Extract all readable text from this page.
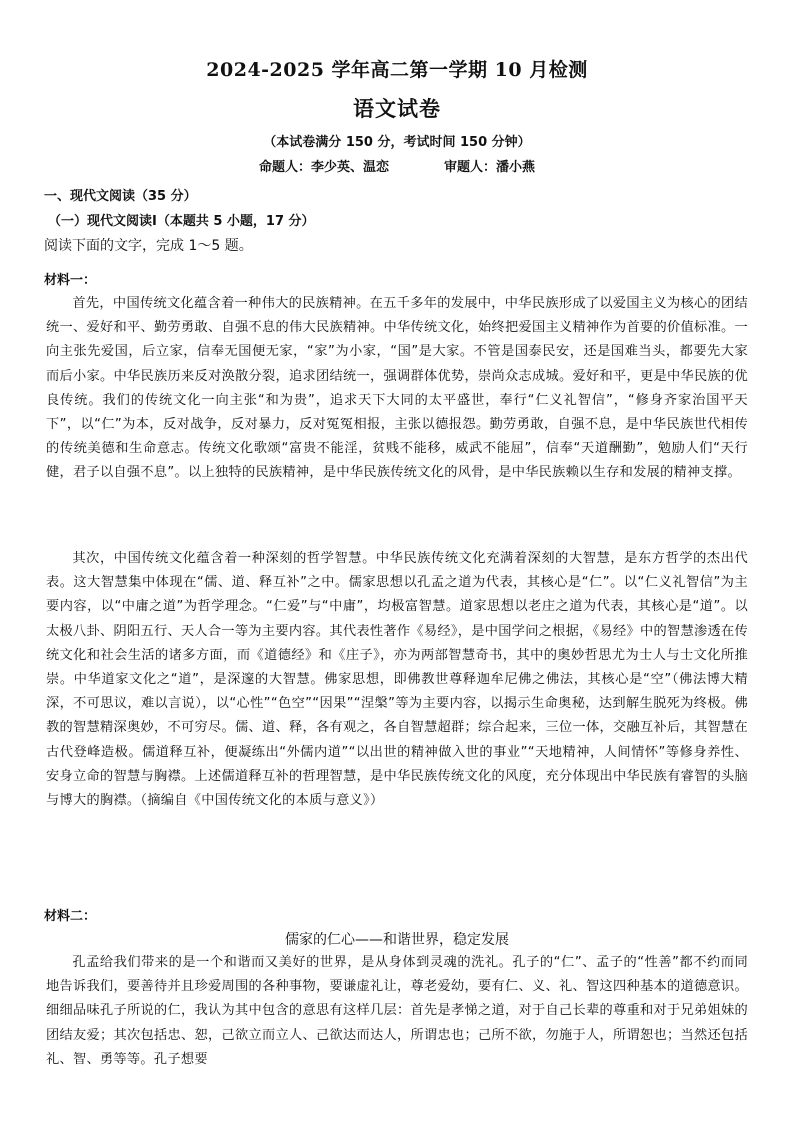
2024-2025 学年高二第一学期 10 月检测
语文试卷
（本试卷满分 150 分，考试时间 150 分钟）
命题人：李少英、温恋	审题人：潘小燕
一、现代文阅读（35 分）
（一）现代文阅读Ⅰ（本题共 5 小题，17 分）
阅读下面的文字，完成 1～5 题。
材料一：
首先，中国传统文化蕴含着一种伟大的民族精神。在五千多年的发展中，中华民族形成了以爱国主义为核心的团结统一、爱好和平、勤劳勇敢、自强不息的伟大民族精神。中华传统文化，始终把爱国主义精神作为首要的价值标准。一向主张先爱国，后立家，信奉无国便无家，“家”为小家，“国”是大家。不管是国泰民安，还是国难当头，都要先大家而后小家。中华民族历来反对涣散分裂，追求团结统一，强调群体优势，崇尚众志成城。爱好和平，更是中华民族的优良传统。我们的传统文化一向主张“和为贵”，追求天下大同的太平盛世，奉行“仁义礼智信”，“修身齐家治国平天下”，以“仁”为本，反对战争，反对暴力，反对冤冤相报，主张以德报怨。勤劳勇敢，自强不息，是中华民族世代相传的传统美德和生命意志。传统文化歌颂“富贵不能淫，贫贱不能移，威武不能屈”，信奉“天道酬勤”，勉励人们“天行健，君子以自强不息”。以上独特的民族精神，是中华民族传统文化的风骨，是中华民族赖以生存和发展的精神支撑。
其次，中国传统文化蕴含着一种深刻的哲学智慧。中华民族传统文化充满着深刻的大智慧，是东方哲学的杰出代表。这大智慧集中体现在“儒、道、释互补”之中。儒家思想以孔孟之道为代表，其核心是“仁”。以“仁义礼智信”为主要内容，以“中庸之道”为哲学理念。“仁爱”与“中庸”，均极富智慧。道家思想以老庄之道为代表，其核心是“道”。以太极八卦、阴阳五行、天人合一等为主要内容。其代表性著作《易经》，是中国学问之根据，《易经》中的智慧渗透在传统文化和社会生活的诸多方面，而《道德经》和《庄子》，亦为两部智慧奇书，其中的奥妙哲思尤为士人与士文化所推崇。中华道家文化之“道”，是深邃的大智慧。佛家思想，即佛教世尊释迦牟尼佛之佛法，其核心是“空”（佛法博大精深，不可思议，难以言说），以“心性”“色空”“因果”“涅槃”等为主要内容，以揭示生命奥秘，达到解生脱死为终极。佛教的智慧精深奥妙，不可穷尽。儒、道、释，各有观之，各自智慧超群；综合起来，三位一体，交融互补后，其智慧在古代登峰造极。儒道释互补，便凝练出“外儒内道”“以出世的精神做入世的事业”“天地精神，人间情怀”等修身养性、安身立命的智慧与胸襟。上述儒道释互补的哲理智慧，是中华民族传统文化的风度，充分体现出中华民族有睿智的头脑与博大的胸襟。（摘编自《中国传统文化的本质与意义》）
材料二：
儒家的仁心——和谐世界，稳定发展
孔孟给我们带来的是一个和谐而又美好的世界，是从身体到灵魂的洗礼。孔子的“仁”、孟子的“性善”都不约而同地告诉我们，要善待并且珍爱周围的各种事物，要谦虚礼让，尊老爱幼，要有仁、义、礼、智这四种基本的道德意识。细细品味孔子所说的仁，我认为其中包含的意思有这样几层：首先是孝悌之道，对于自己长辈的尊重和对于兄弟姐妹的团结友爱；其次包括忠、恕，己欲立而立人、己欲达而达人，所谓忠也；己所不欲，勿施于人，所谓恕也；当然还包括礼、智、勇等等。孔子想要
